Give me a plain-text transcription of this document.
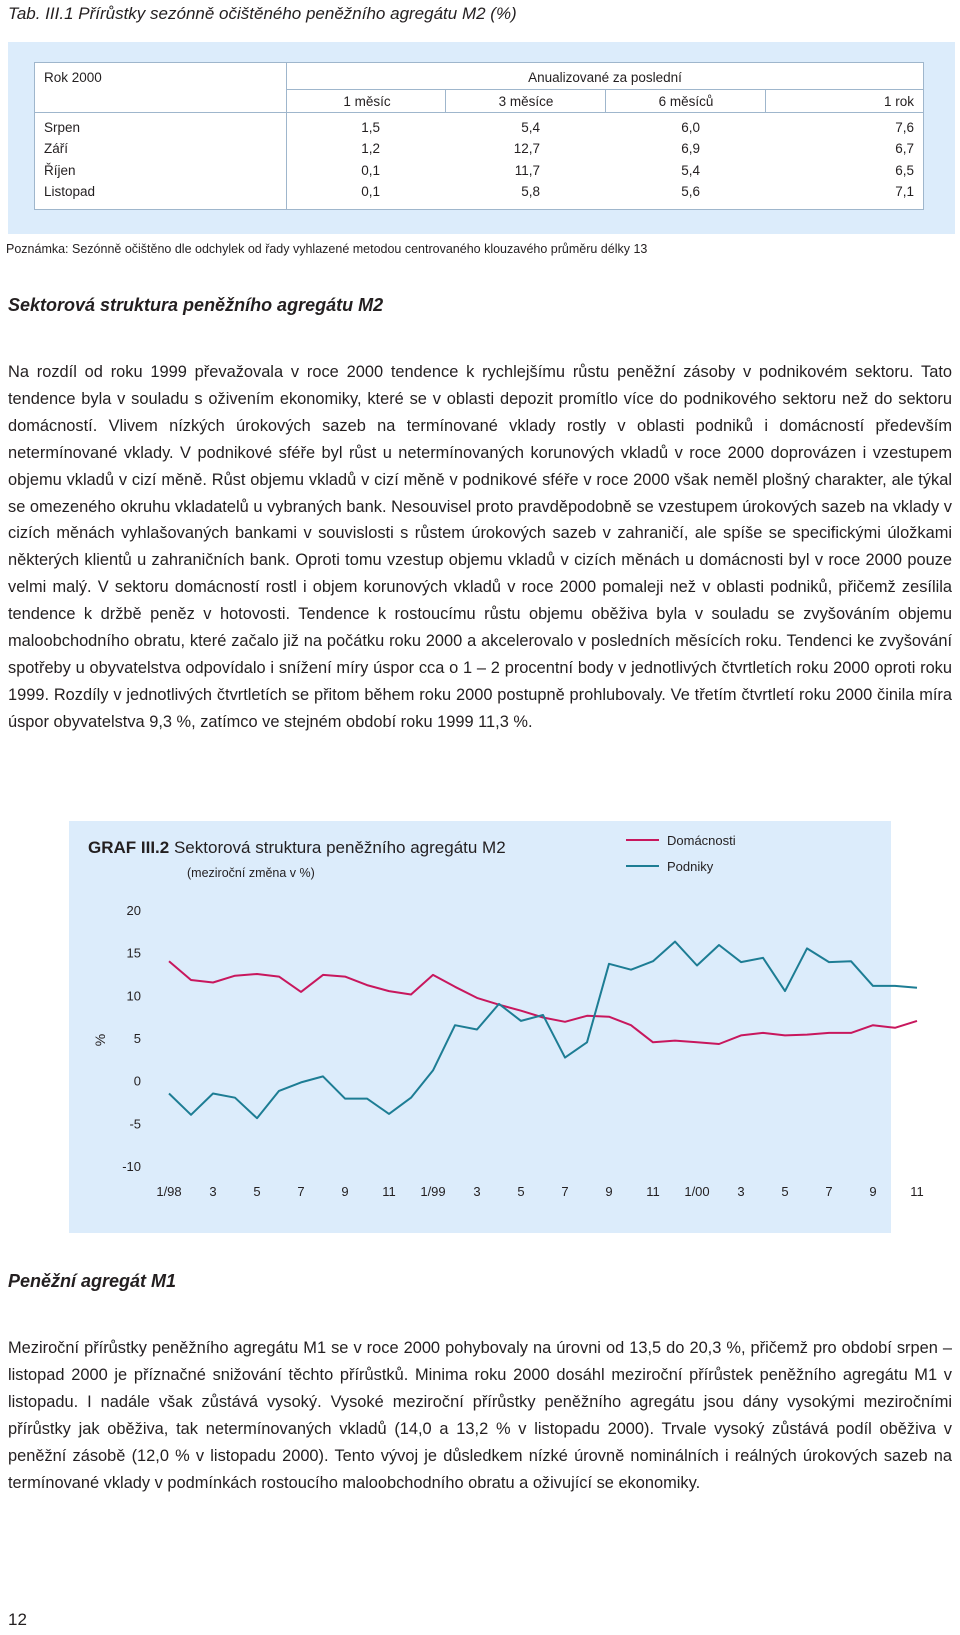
Tab. III.1 Přírůstky sezónně očištěného peněžního agregátu M2 (%)
Rok 2000	Anualizované za poslední
1 měsíc	3 měsíce	6 měsíců	1 rok
Srpen	1,5	5,4	6,0	7,6
Září	1,2	12,7	6,9	6,7
Říjen	0,1	11,7	5,4	6,5
Listopad	0,1	5,8	5,6	7,1
Poznámka: Sezónně očištěno dle odchylek od řady vyhlazené metodou centrovaného klouzavého průměru délky 13
Sektorová struktura peněžního agregátu M2

Na rozdíl od roku 1999 převažovala v roce 2000 tendence k rychlejšímu růstu peněžní zásoby v podnikovém sektoru. Tato tendence byla v souladu s oživením ekonomiky, které se v oblasti depozit promítlo více do podnikového sektoru než do sektoru domácností. Vlivem nízkých úrokových sazeb na termínované vklady rostly v oblasti podniků i domácností především netermínované vklady. V podnikové sféře byl růst u netermínovaných korunových vkladů v roce 2000 doprovázen i vzestupem objemu vkladů v cizí měně. Růst objemu vkladů v cizí měně v podnikové sféře v roce 2000 však neměl plošný charakter, ale týkal se omezeného okruhu vkladatelů u vybraných bank. Nesouvisel proto pravděpodobně se vzestupem úrokových sazeb na vklady v cizích měnách vyhlašovaných bankami v souvislosti s růstem úrokových sazeb v zahraničí, ale spíše se specifickými úložkami některých klientů u zahraničních bank. Oproti tomu vzestup objemu vkladů v cizích měnách u domácnosti byl v roce 2000 pouze velmi malý. V sektoru domácností rostl i objem korunových vkladů v roce 2000 pomaleji než v oblasti podniků, přičemž zesílila tendence k držbě peněz v hotovosti. Tendence k rostoucímu růstu objemu oběživa byla v souladu se zvyšováním objemu maloobchodního obratu, které začalo již na počátku roku 2000 a akcelerovalo v posledních měsících roku. Tendenci ke zvyšování spotřeby u obyvatelstva odpovídalo i snížení míry úspor cca o 1 – 2 procentní body v jednotlivých čtvrtletích roku 2000 oproti roku 1999. Rozdíly v jednotlivých čtvrtletích se přitom během roku 2000 postupně prohlubovaly. Ve třetím čtvrtletí roku 2000 činila míra úspor obyvatelstva 9,3 %, zatímco ve stejném období roku 1999 11,3 %.

GRAF III.2 Sektorová struktura peněžního agregátu M2
(meziroční změna v %)
Domácnosti
Podniky
20
15
10
5
0
-5
-10
%
1/98 3	5	7	9	11 1/99 3	5	7	9	11 1/00 3	5	7	9	11
Peněžní agregát M1

Meziroční přírůstky peněžního agregátu M1 se v roce 2000 pohybovaly na úrovni od 13,5 do 20,3 %, přičemž pro období srpen – listopad 2000 je příznačné snižování těchto přírůstků. Minima roku 2000 dosáhl meziroční přírůstek peněžního agregátu M1 v listopadu. I nadále však zůstává vysoký. Vysoké meziroční přírůstky peněžního agregátu jsou dány vysokými meziročními přírůstky jak oběživa, tak netermínovaných vkladů (14,0 a 13,2 % v listopadu 2000). Trvale vysoký zůstává podíl oběživa v peněžní zásobě (12,0 % v listopadu 2000). Tento vývoj je důsledkem nízké úrovně nominálních i reálných úrokových sazeb na termínované vklady v podmínkách rostoucího maloobchodního obratu a oživující se ekonomiky.

12
